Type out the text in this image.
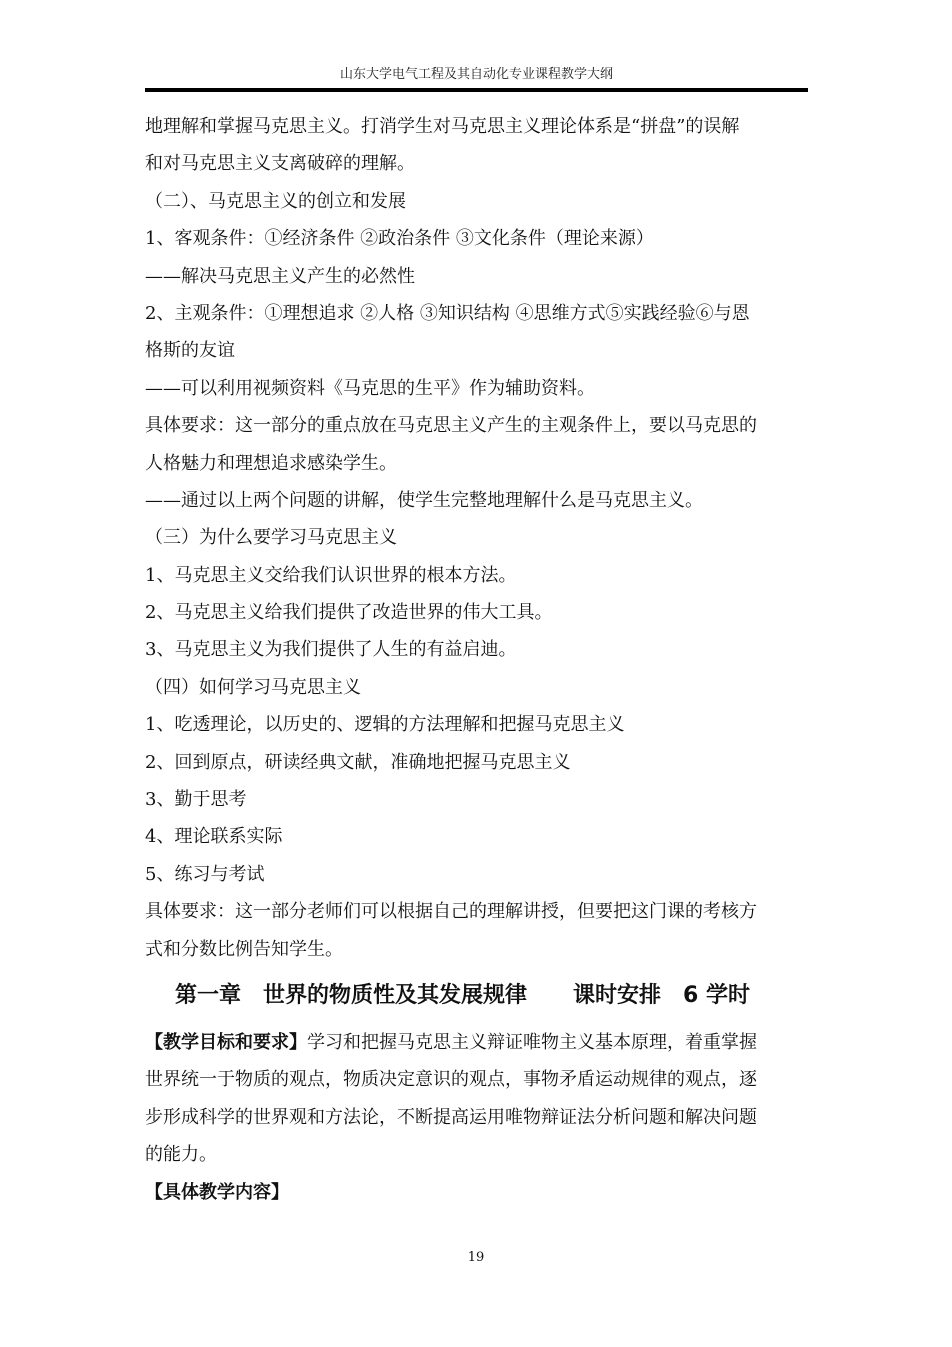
山东大学电气工程及其自动化专业课程教学大纲
地理解和掌握马克思主义。打消学生对马克思主义理论体系是“拼盘”的误解
和对马克思主义支离破碎的理解。
（二）、马克思主义的创立和发展
1、客观条件：①经济条件 ②政治条件 ③文化条件（理论来源）
——解决马克思主义产生的必然性
2、主观条件：①理想追求 ②人格 ③知识结构 ④思维方式⑤实践经验⑥与恩
格斯的友谊
——可以利用视频资料《马克思的生平》作为辅助资料。
具体要求：这一部分的重点放在马克思主义产生的主观条件上，要以马克思的
人格魅力和理想追求感染学生。
——通过以上两个问题的讲解，使学生完整地理解什么是马克思主义。
（三）为什么要学习马克思主义
1、马克思主义交给我们认识世界的根本方法。
2、马克思主义给我们提供了改造世界的伟大工具。
3、马克思主义为我们提供了人生的有益启迪。
（四）如何学习马克思主义
1、吃透理论，以历史的、逻辑的方法理解和把握马克思主义
2、回到原点，研读经典文献，准确地把握马克思主义
3、勤于思考
4、理论联系实际
5、练习与考试
具体要求：这一部分老师们可以根据自己的理解讲授，但要把这门课的考核方
式和分数比例告知学生。
第一章　世界的物质性及其发展规律 课时安排　6 学时
【教学目标和要求】学习和把握马克思主义辩证唯物主义基本原理，着重掌握
世界统一于物质的观点，物质决定意识的观点，事物矛盾运动规律的观点，逐
步形成科学的世界观和方法论，不断提高运用唯物辩证法分析问题和解决问题
的能力。
【具体教学内容】
19
